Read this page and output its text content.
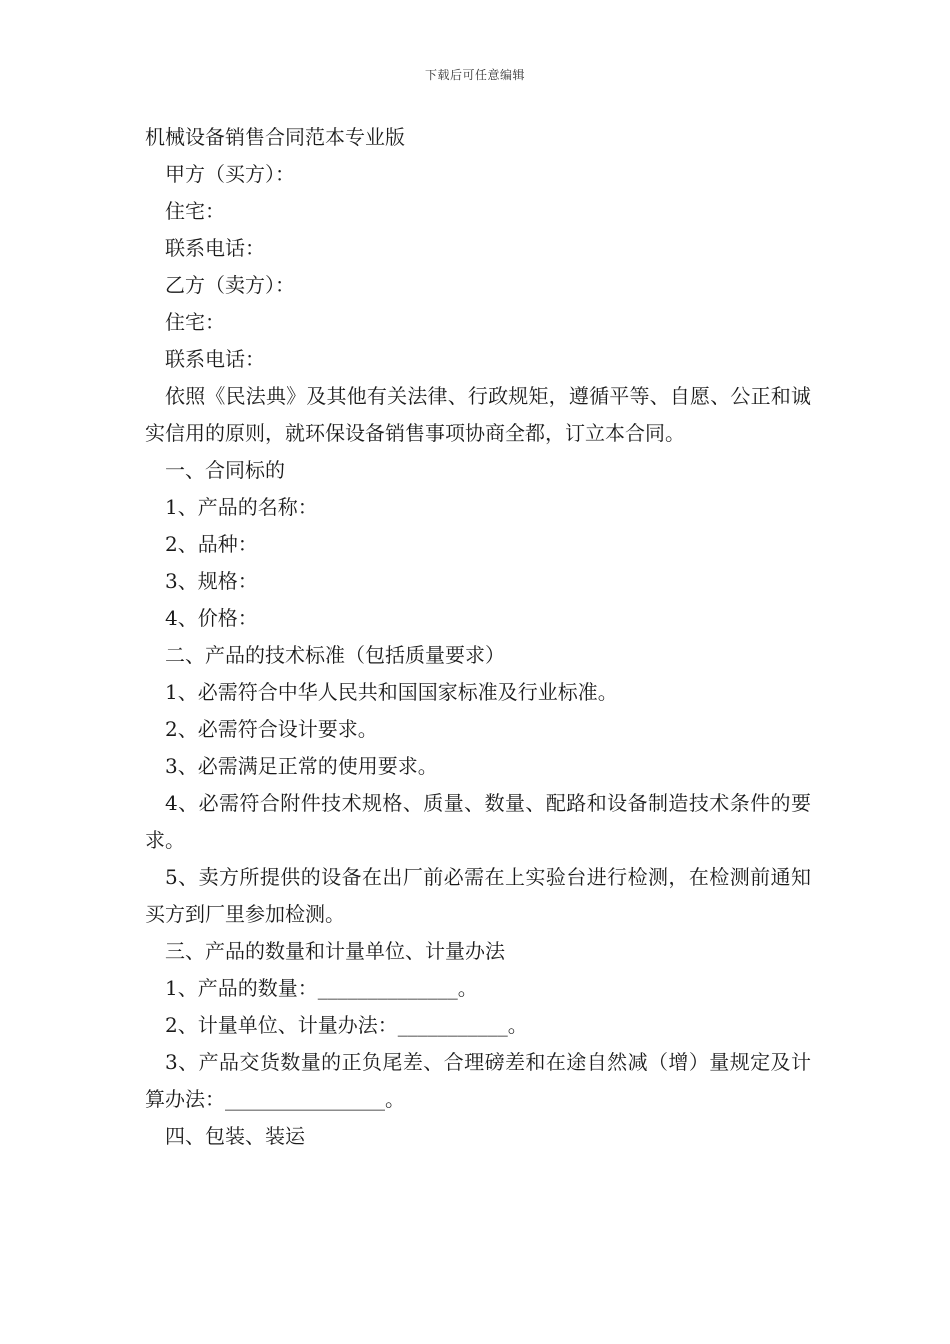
下载后可任意编辑
机械设备销售合同范本专业版

甲方（买方）：

住宅：

联系电话：

乙方（卖方）：

住宅：

联系电话：

依照《民法典》及其他有关法律、行政规矩，遵循平等、自愿、公正和诚实信用的原则，就环保设备销售事项协商全都，订立本合同。

一、合同标的

1、产品的名称：

2、品种：

3、规格：

4、价格：

二、产品的技术标准（包括质量要求）

1、必需符合中华人民共和国国家标准及行业标准。

2、必需符合设计要求。

3、必需满足正常的使用要求。

4、必需符合附件技术规格、质量、数量、配路和设备制造技术条件的要求。

5、卖方所提供的设备在出厂前必需在上实验台进行检测，在检测前通知买方到厂里参加检测。

三、产品的数量和计量单位、计量办法

1、产品的数量：______________。

2、计量单位、计量办法：___________。

3、产品交货数量的正负尾差、合理磅差和在途自然减（增）量规定及计算办法：________________。

四、包装、装运
